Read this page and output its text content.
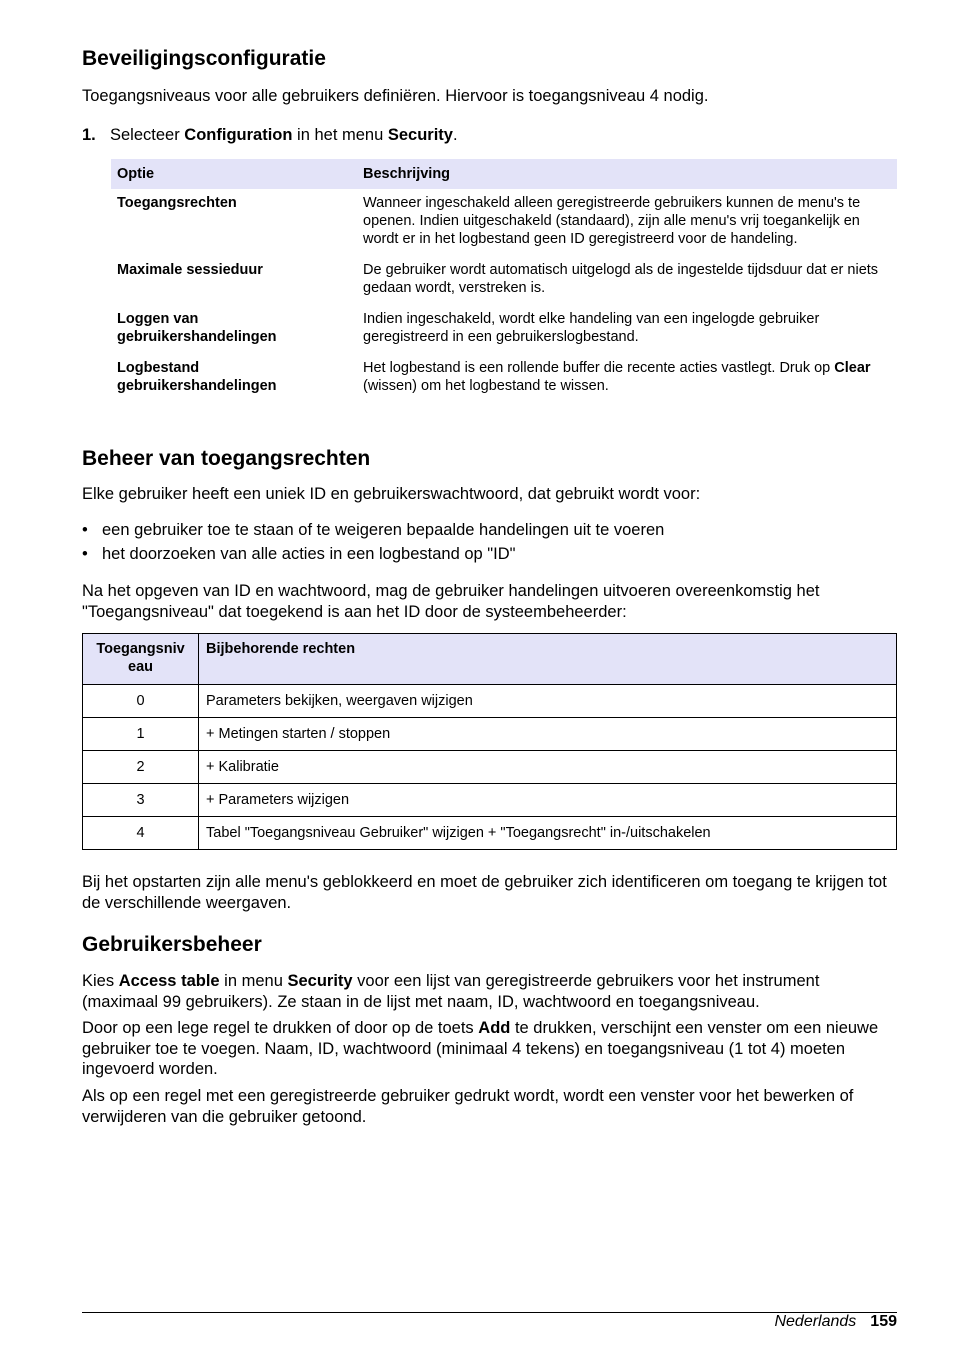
Beveiligingsconfiguratie

Toegangsniveaus voor alle gebruikers definiëren. Hiervoor is toegangsniveau 4 nodig.

1. Selecteer Configuration in het menu Security.
Optie	Beschrijving
Toegangsrechten	Wanneer ingeschakeld alleen geregistreerde gebruikers kunnen de menu's te openen. Indien uitgeschakeld (standaard), zijn alle menu's vrij toegankelijk en wordt er in het logbestand geen ID geregistreerd voor de handeling.
Maximale sessieduur	De gebruiker wordt automatisch uitgelogd als de ingestelde tijdsduur dat er niets gedaan wordt, verstreken is.
Loggen van gebruikershandelingen	Indien ingeschakeld, wordt elke handeling van een ingelogde gebruiker geregistreerd in een gebruikerslogbestand.
Logbestand gebruikershandelingen	Het logbestand is een rollende buffer die recente acties vastlegt. Druk op Clear (wissen) om het logbestand te wissen.
Beheer van toegangsrechten

Elke gebruiker heeft een uniek ID en gebruikerswachtwoord, dat gebruikt wordt voor:

• een gebruiker toe te staan of te weigeren bepaalde handelingen uit te voeren
• het doorzoeken van alle acties in een logbestand op "ID"

Na het opgeven van ID en wachtwoord, mag de gebruiker handelingen uitvoeren overeenkomstig het "Toegangsniveau" dat toegekend is aan het ID door de systeembeheerder:

Toegangsniv eau	Bijbehorende rechten
0	Parameters bekijken, weergaven wijzigen
1	+ Metingen starten / stoppen
2	+ Kalibratie
3	+ Parameters wijzigen
4	Tabel "Toegangsniveau Gebruiker" wijzigen + "Toegangsrecht" in-/uitschakelen

Bij het opstarten zijn alle menu's geblokkeerd en moet de gebruiker zich identificeren om toegang te krijgen tot de verschillende weergaven.

Gebruikersbeheer

Kies Access table in menu Security voor een lijst van geregistreerde gebruikers voor het instrument (maximaal 99 gebruikers). Ze staan in de lijst met naam, ID, wachtwoord en toegangsniveau.

Door op een lege regel te drukken of door op de toets Add te drukken, verschijnt een venster om een nieuwe gebruiker toe te voegen. Naam, ID, wachtwoord (minimaal 4 tekens) en toegangsniveau (1 tot 4) moeten ingevoerd worden.

Als op een regel met een geregistreerde gebruiker gedrukt wordt, wordt een venster voor het bewerken of verwijderen van die gebruiker getoond.

Nederlands 159
